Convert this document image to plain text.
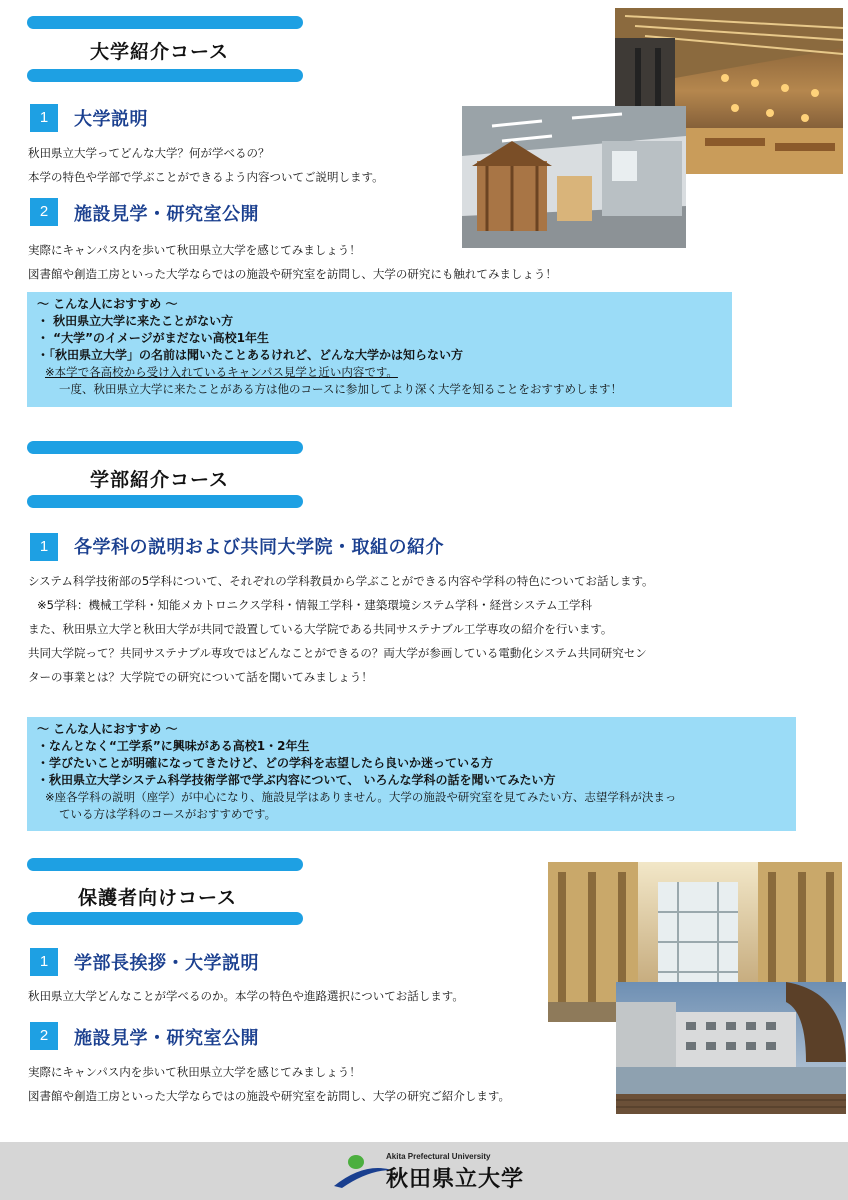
大学紹介コース
1	大学説明
秋田県立大学ってどんな大学？何が学べるの？
本学の特色や学部で学ぶことができるよう内容ついてご説明します。
2	施設見学・研究室公開
実際にキャンパス内を歩いて秋田県立大学を感じてみましょう！
図書館や創造工房といった大学ならではの施設や研究室を訪問し、大学の研究にも触れてみましょう！
～ こんな人におすすめ ～
・ 秋田県立大学に来たことがない方
・ “大学”のイメージがまだない高校1年生
・「秋田県立大学」の名前は聞いたことあるけれど、どんな大学かは知らない方
※本学で各高校から受け入れているキャンパス見学と近い内容です。
一度、秋田県立大学に来たことがある方は他のコースに参加してより深く大学を知ることをおすすめします！
学部紹介コース
1	各学科の説明および共同大学院・取組の紹介
システム科学技術部の5学科について、それぞれの学科教員から学ぶことができる内容や学科の特色についてお話します。
※5学科：機械工学科・知能メカトロニクス学科・情報工学科・建築環境システム学科・経営システム工学科
また、秋田県立大学と秋田大学が共同で設置している大学院である共同サステナブル工学専攻の紹介を行います。
共同大学院って？共同サステナブル専攻ではどんなことができるの？両大学が参画している電動化システム共同研究セン
ターの事業とは？大学院での研究について話を聞いてみましょう！
～ こんな人におすすめ ～
・なんとなく“工学系”に興味がある高校1・2年生
・学びたいことが明確になってきたけど、どの学科を志望したら良いか迷っている方
・秋田県立大学システム科学技術学部で学ぶ内容について、 いろんな学科の話を聞いてみたい方
※座各学科の説明（座学）が中心になり、施設見学はありません。大学の施設や研究室を見てみたい方、志望学科が決まっ
ている方は学科のコースがおすすめです。
保護者向けコース
1	学部長挨拶・大学説明
秋田県立大学どんなことが学べるのか。本学の特色や進路選択についてお話します。
2	施設見学・研究室公開
実際にキャンパス内を歩いて秋田県立大学を感じてみましょう！
図書館や創造工房といった大学ならではの施設や研究室を訪問し、大学の研究ご紹介します。
Akita Prefectural University
秋田県立大学
